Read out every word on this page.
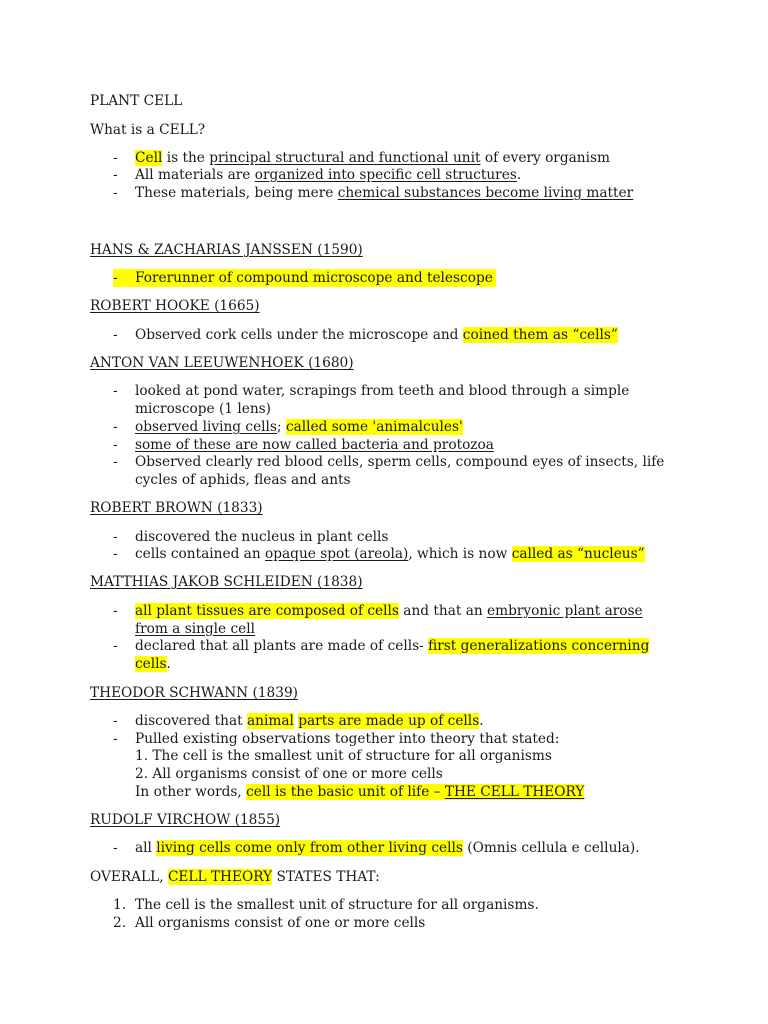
PLANT CELL
What is a CELL?
- Cell is the principal structural and functional unit of every organism
- All materials are organized into specific cell structures.
- These materials, being mere chemical substances become living matter
HANS & ZACHARIAS JANSSEN (1590)
- Forerunner of compound microscope and telescope
ROBERT HOOKE (1665)
- Observed cork cells under the microscope and coined them as “cells”
ANTON VAN LEEUWENHOEK (1680)
- looked at pond water, scrapings from teeth and blood through a simple
microscope (1 lens)
- observed living cells; called some 'animalcules'
- some of these are now called bacteria and protozoa
- Observed clearly red blood cells, sperm cells, compound eyes of insects, life
cycles of aphids, fleas and ants
ROBERT BROWN (1833)
- discovered the nucleus in plant cells
- cells contained an opaque spot (areola), which is now called as “nucleus”
MATTHIAS JAKOB SCHLEIDEN (1838)
- all plant tissues are composed of cells and that an embryonic plant arose
from a single cell
- declared that all plants are made of cells- first generalizations concerning
cells.
THEODOR SCHWANN (1839)
- discovered that animal parts are made up of cells.
- Pulled existing observations together into theory that stated:
1. The cell is the smallest unit of structure for all organisms
2. All organisms consist of one or more cells
In other words, cell is the basic unit of life – THE CELL THEORY
RUDOLF VIRCHOW (1855)
- all living cells come only from other living cells (Omnis cellula e cellula).
OVERALL, CELL THEORY STATES THAT:
1. The cell is the smallest unit of structure for all organisms.
2. All organisms consist of one or more cells
